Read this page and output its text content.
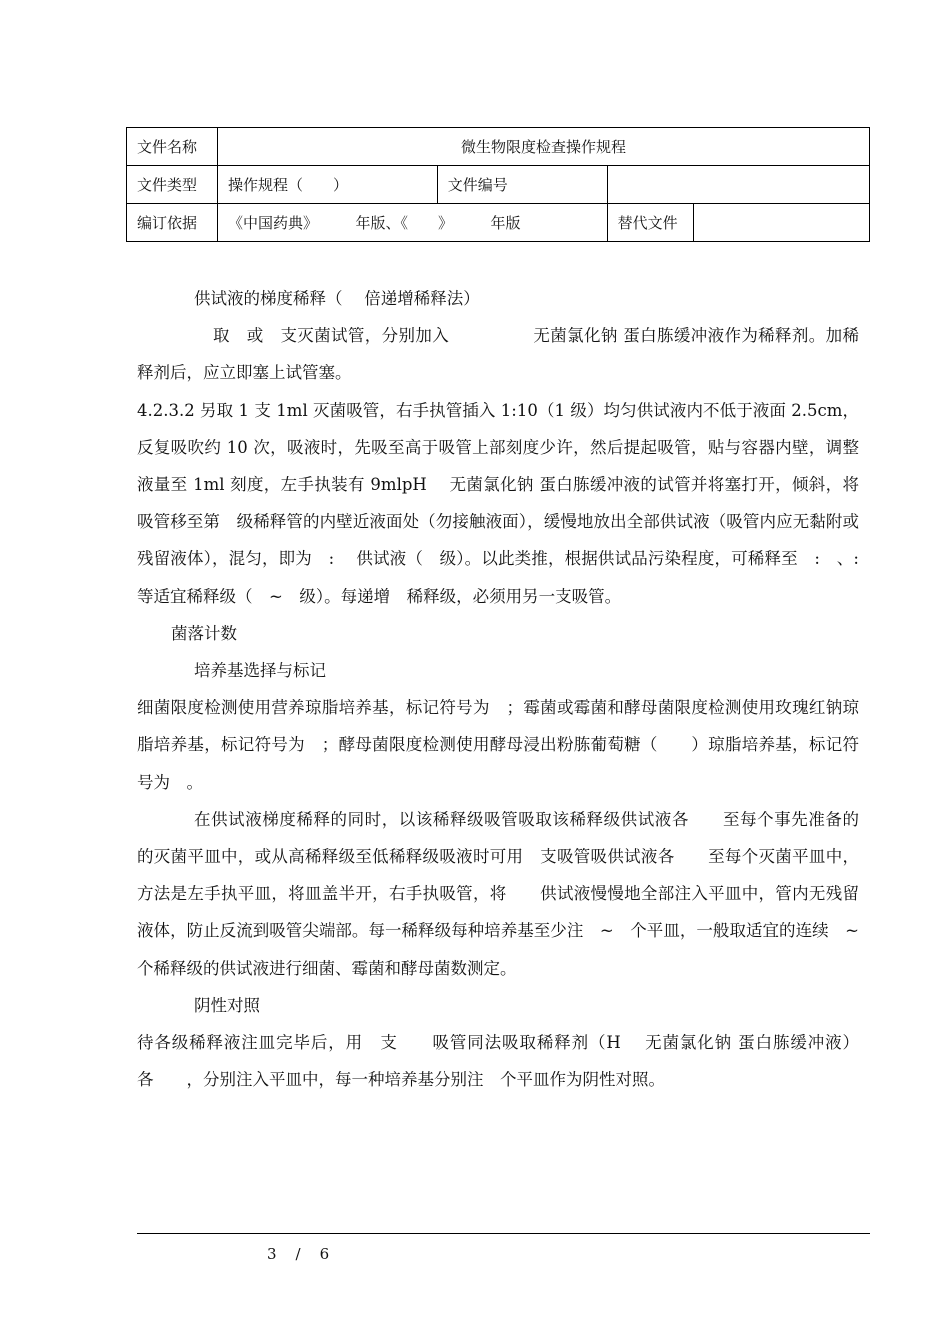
文件名称	微生物限度检查操作规程			
文件类型	操作规程（　　）	文件编号		
编订依据	《中国药典》　　　年版、《　　》　　　年版		替代文件	

供试液的梯度稀释（　 倍递增稀释法）

取　或　支灭菌试管，分别加入　　　　　无菌氯化钠 蛋白胨缓冲液作为稀释剂。加稀释剂后，应立即塞上试管塞。

4.2.3.2 另取 1 支 1ml 灭菌吸管，右手执管插入 1:10（1 级）均匀供试液内不低于液面 2.5cm，反复吸吹约 10 次，吸液时，先吸至高于吸管上部刻度少许，然后提起吸管，贴与容器内壁，调整液量至 1ml 刻度，左手执装有 9mlpH　 无菌氯化钠 蛋白胨缓冲液的试管并将塞打开，倾斜，将吸管移至第　级稀释管的内壁近液面处（勿接触液面），缓慢地放出全部供试液（吸管内应无黏附或残留液体），混匀，即为　:　 供试液（　级）。以此类推，根据供试品污染程度，可稀释至　:　、:　 等适宜稀释级（　~　级）。每递增　稀释级，必须用另一支吸管。

菌落计数

培养基选择与标记

细菌限度检测使用营养琼脂培养基，标记符号为　；霉菌或霉菌和酵母菌限度检测使用玫瑰红钠琼脂培养基，标记符号为　；酵母菌限度检测使用酵母浸出粉胨葡萄糖（　　）琼脂培养基，标记符号为　。

在供试液梯度稀释的同时，以该稀释级吸管吸取该稀释级供试液各　　至每个事先准备的　　　的灭菌平皿中，或从高稀释级至低稀释级吸液时可用　支吸管吸供试液各　　至每个灭菌平皿中，方法是左手执平皿，将皿盖半开，右手执吸管，将　　供试液慢慢地全部注入平皿中，管内无残留液体，防止反流到吸管尖端部。每一稀释级每种培养基至少注　~　个平皿，一般取适宜的连续　~　个稀释级的供试液进行细菌、霉菌和酵母菌数测定。

阴性对照

待各级稀释液注皿完毕后，用　支　　吸管同法吸取稀释剂（H　 无菌氯化钠 蛋白胨缓冲液）各　　，分别注入平皿中，每一种培养基分别注　个平皿作为阴性对照。

　3　/　6　
